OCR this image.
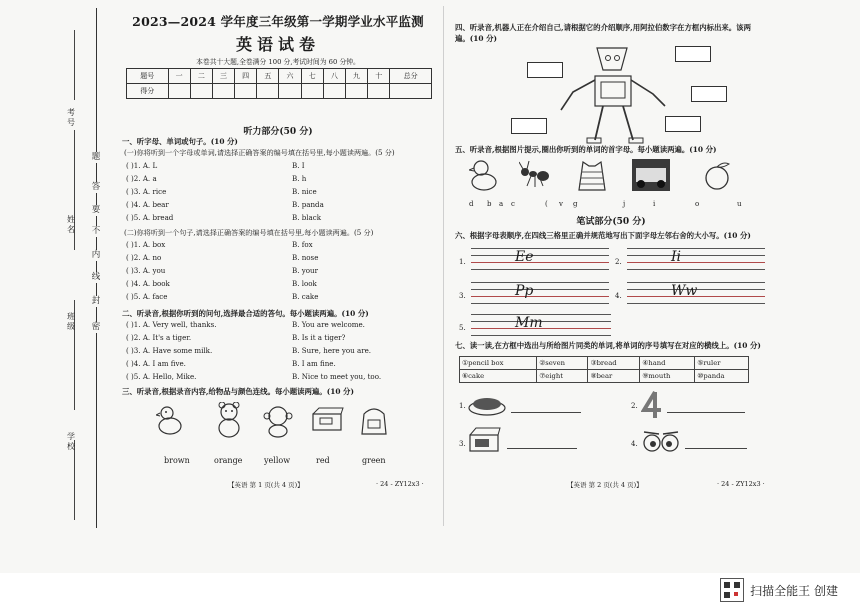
考号
姓名
班级
学校
题
答
要
不
内
线
封
密
2023—2024 学年度三年级第一学期学业水平监测
英语试卷
本卷共十大题,全卷满分 100 分,考试时间为 60 分钟。
题号	一	二	三	四	五	六	七	八	九	十	总分
得分											
听力部分(50 分)
一、听字母、单词或句子。(10 分)
(一)你将听到一个字母或单词,请选择正确答案的编号填在括号里,每小题读两遍。(5 分)
( )1. A. L	B. I
( )2. A. a	B. h
( )3. A. rice	B. nice
( )4. A. bear	B. panda
( )5. A. bread	B. black
(二)你将听到一个句子,请选择正确答案的编号填在括号里,每小题读两遍。(5 分)
( )1. A. box	B. fox
( )2. A. no	B. nose
( )3. A. you	B. your
( )4. A. book	B. look
( )5. A. face	B. cake
二、听录音,根据你听到的问句,选择最合适的答句。每小题读两遍。(10 分)
( )1. A. Very well, thanks.	B. You are welcome.
( )2. A. It's a tiger.	B. Is it a tiger?
( )3. A. Have some milk.	B. Sure, here you are.
( )4. A. I am five.	B. I am fine.
( )5. A. Hello, Mike.	B. Nice to meet you, too.
三、听录音,根据录音内容,给物品与颜色连线。每小题读两遍。(10 分)
brown	orange	yellow	red	green
【英语 第 1 页(共 4 页)】	· 24 - ZY12x3 ·
四、听录音,机器人正在介绍自己,请根据它的介绍顺序,用阿拉伯数字在方框内标出来。该两遍。(10 分)
五、听录音,根据图片提示,圈出你听到的单词的首字母。每小题读两遍。(10 分)
d b a c	( v g	j	i	o	u
笔试部分(50 分)
六、根据字母表顺序,在四线三格里正确并规范地写出下面字母左邻右舍的大小写。(10 分)
1.	Ee	2.	Ii
3.	Pp	4.	Ww
5.	Mm
七、读一读,在方框中选出与所给图片同类的单词,将单词的序号填写在对应的横线上。(10 分)
①pencil box	②seven	③bread	④hand	⑤ruler
⑥cake	⑦eight	⑧bear	⑨mouth	⑩panda
1.	2.
3.	4.
【英语 第 2 页(共 4 页)】	· 24 - ZY12x3 ·
扫描全能王 创建
